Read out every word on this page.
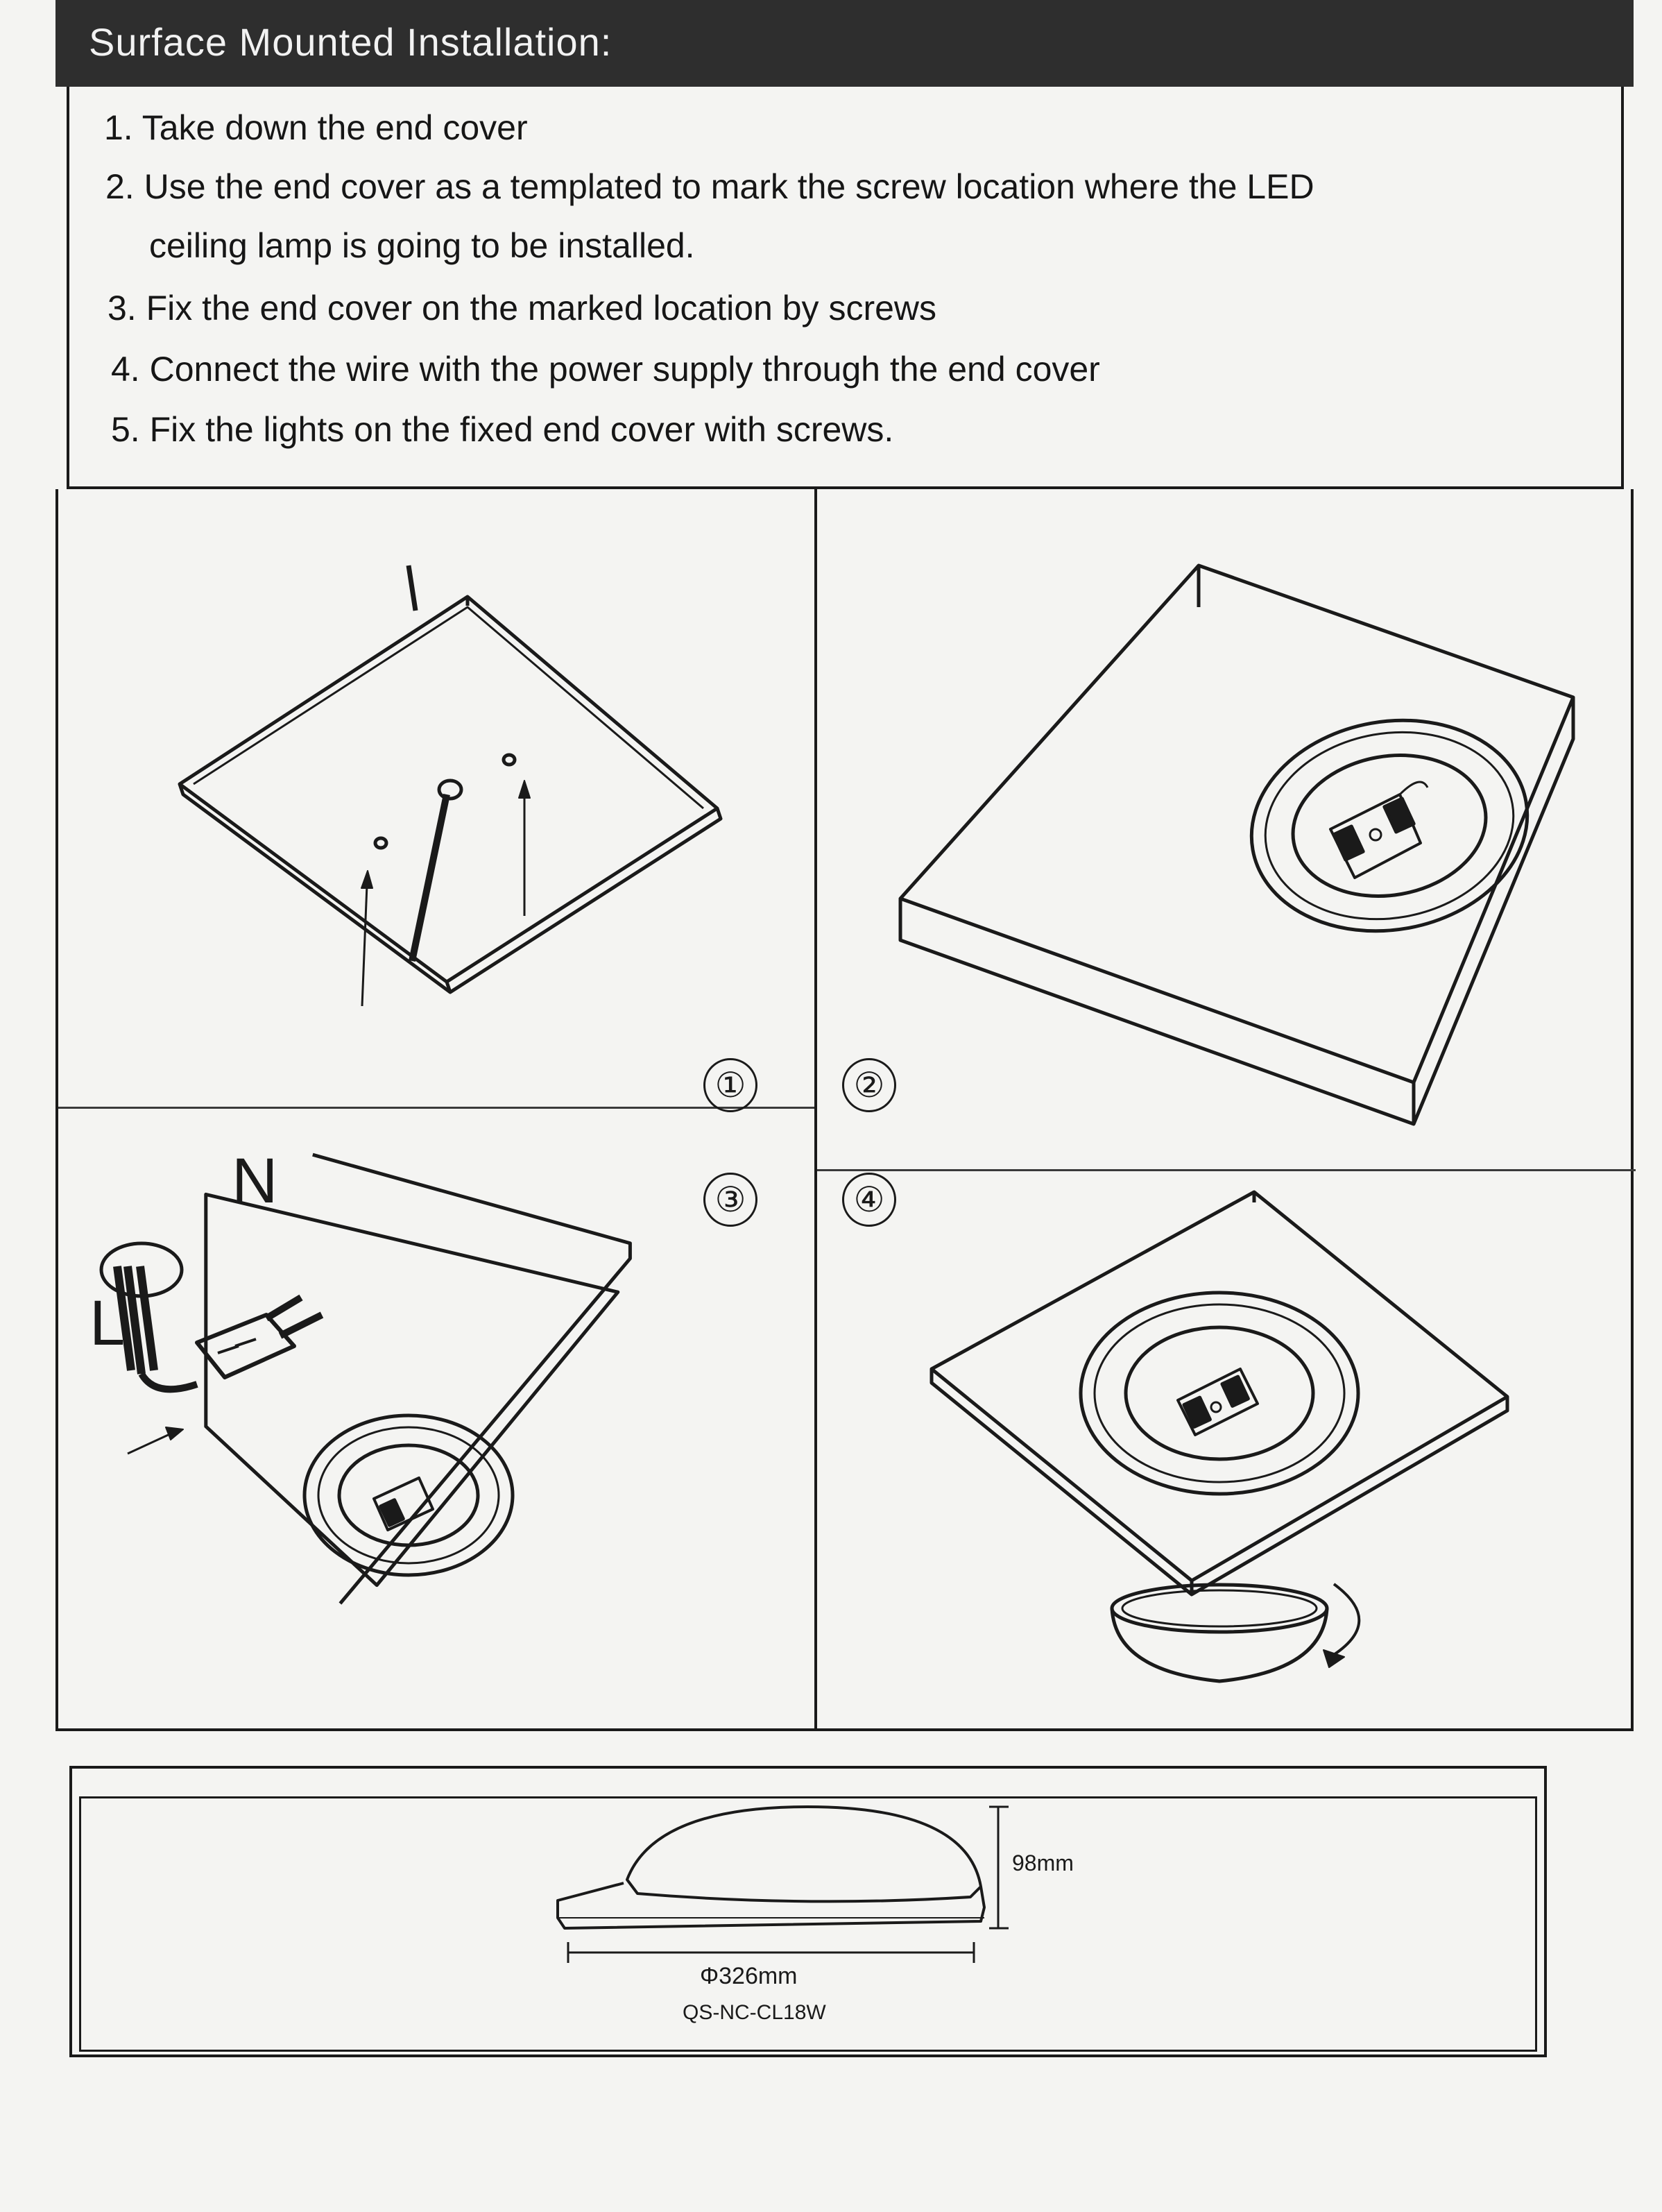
Surface Mounted Installation:
1. Take down the end cover
2. Use the end cover as a templated to mark the screw location where the LED
ceiling lamp is going to be installed.
3. Fix the end cover on the marked location by screws
4. Connect the wire with the power supply through the end cover
5. Fix the lights on the fixed end cover with screws.
①	②
N
L
③	④
98mm
Φ326mm
QS-NC-CL18W
